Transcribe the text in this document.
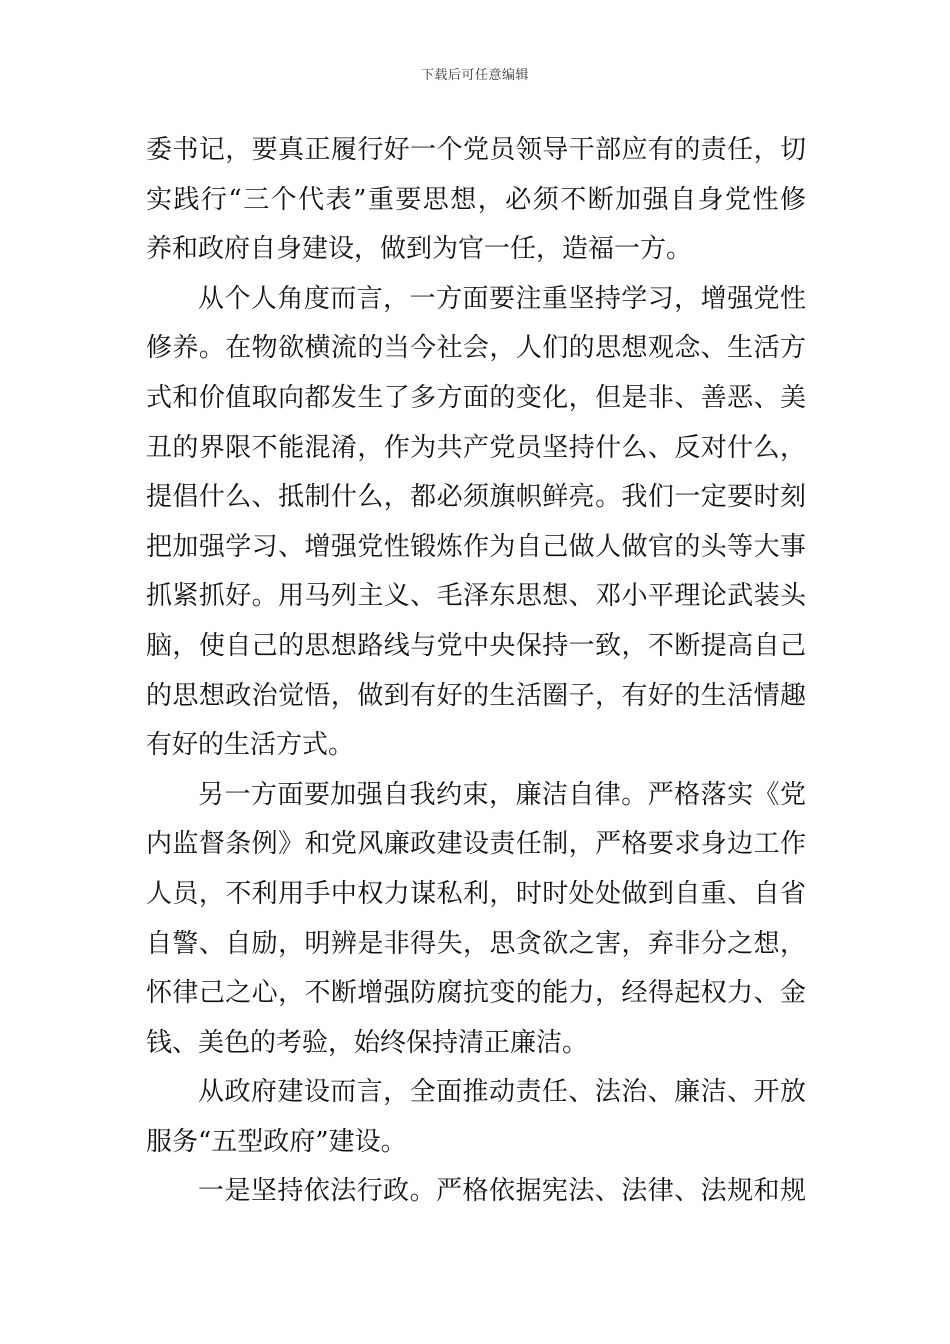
下载后可任意编辑
委书记，要真正履行好一个党员领导干部应有的责任，切
实践行“三个代表”重要思想，必须不断加强自身党性修
养和政府自身建设，做到为官一任，造福一方。
从个人角度而言，一方面要注重坚持学习，增强党性
修养。在物欲横流的当今社会，人们的思想观念、生活方
式和价值取向都发生了多方面的变化，但是非、善恶、美
丑的界限不能混淆，作为共产党员坚持什么、反对什么，
提倡什么、抵制什么，都必须旗帜鲜亮。我们一定要时刻
把加强学习、增强党性锻炼作为自己做人做官的头等大事
抓紧抓好。用马列主义、毛泽东思想、邓小平理论武装头
脑，使自己的思想路线与党中央保持一致，不断提高自己
的思想政治觉悟，做到有好的生活圈子，有好的生活情趣
有好的生活方式。
另一方面要加强自我约束，廉洁自律。严格落实《党
内监督条例》和党风廉政建设责任制，严格要求身边工作
人员，不利用手中权力谋私利，时时处处做到自重、自省
自警、自励，明辨是非得失，思贪欲之害，弃非分之想，
怀律己之心，不断增强防腐抗变的能力，经得起权力、金
钱、美色的考验，始终保持清正廉洁。
从政府建设而言，全面推动责任、法治、廉洁、开放
服务“五型政府”建设。
一是坚持依法行政。严格依据宪法、法律、法规和规
